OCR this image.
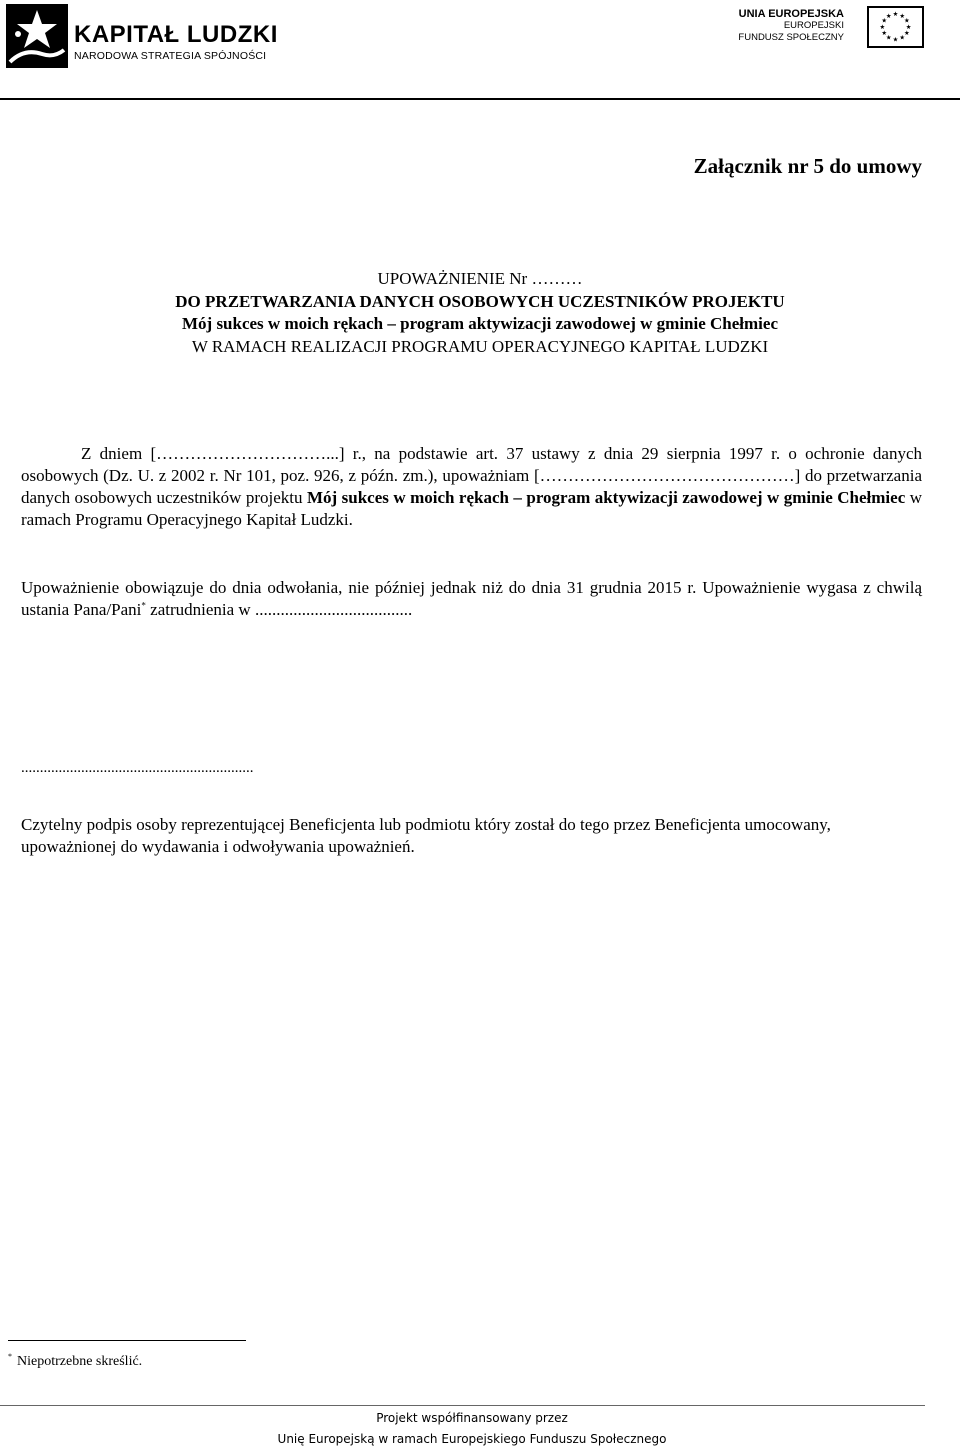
KAPITAŁ LUDZKI
NARODOWA STRATEGIA SPÓJNOŚCI
UNIA EUROPEJSKA
EUROPEJSKI
FUNDUSZ SPOŁECZNY
★ ★
★
★
★
★
★
★
★
★
★
★
Załącznik nr 5 do umowy
UPOWAŻNIENIE Nr ………
DO PRZETWARZANIA DANYCH OSOBOWYCH UCZESTNIKÓW PROJEKTU
Mój sukces w moich rękach – program aktywizacji zawodowej w gminie Chełmiec
W RAMACH REALIZACJI PROGRAMU OPERACYJNEGO KAPITAŁ LUDZKI
Z dniem […………………………...] r., na podstawie art. 37 ustawy z dnia 29 sierpnia 1997 r. o ochronie danych osobowych (Dz. U. z 2002 r. Nr 101, poz. 926, z późn. zm.), upoważniam [………………………………………] do przetwarzania danych osobowych uczestników projektu Mój sukces w moich rękach – program aktywizacji zawodowej w gminie Chełmiec w ramach Programu Operacyjnego Kapitał Ludzki.
Upoważnienie obowiązuje do dnia odwołania, nie później jednak niż do dnia 31 grudnia 2015 r. Upoważnienie wygasa z chwilą ustania Pana/Pani* zatrudnienia w .....................................
..............................................................
Czytelny podpis osoby reprezentującej Beneficjenta lub podmiotu który został do tego przez Beneficjenta umocowany, upoważnionej do wydawania i odwoływania upoważnień.
* Niepotrzebne skreślić.
Projekt współfinansowany przez
Unię Europejską w ramach Europejskiego Funduszu Społecznego
